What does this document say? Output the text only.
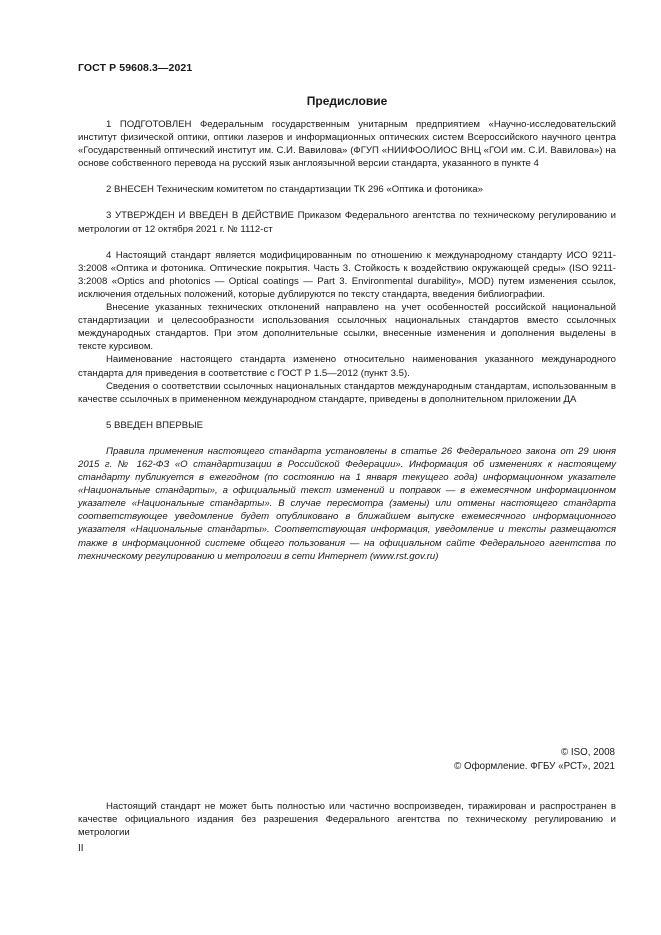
ГОСТ Р 59608.3—2021
Предисловие

1 ПОДГОТОВЛЕН Федеральным государственным унитарным предприятием «Научно-исследовательский институт физической оптики, оптики лазеров и информационных оптических систем Всероссийского научного центра «Государственный оптический институт им. С.И. Вавилова» (ФГУП «НИИФООЛИОС ВНЦ «ГОИ им. С.И. Вавилова») на основе собственного перевода на русский язык англоязычной версии стандарта, указанного в пункте 4

2 ВНЕСЕН Техническим комитетом по стандартизации ТК 296 «Оптика и фотоника»

3 УТВЕРЖДЕН И ВВЕДЕН В ДЕЙСТВИЕ Приказом Федерального агентства по техническому регулированию и метрологии от 12 октября 2021 г. № 1112-ст

4 Настоящий стандарт является модифицированным по отношению к международному стандарту ИСО 9211-3:2008 «Оптика и фотоника. Оптические покрытия. Часть 3. Стойкость к воздействию окружающей среды» (ISO 9211-3:2008 «Optics and photonics — Optical coatings — Part 3. Environmental durability», MOD) путем изменения ссылок, исключения отдельных положений, которые дублируются по тексту стандарта, введения библиографии.

Внесение указанных технических отклонений направлено на учет особенностей российской национальной стандартизации и целесообразности использования ссылочных национальных стандартов вместо ссылочных международных стандартов. При этом дополнительные ссылки, внесенные изменения и дополнения выделены в тексте курсивом.

Наименование настоящего стандарта изменено относительно наименования указанного международного стандарта для приведения в соответствие с ГОСТ Р 1.5—2012 (пункт 3.5).

Сведения о соответствии ссылочных национальных стандартов международным стандартам, использованным в качестве ссылочных в примененном международном стандарте, приведены в дополнительном приложении ДА

5 ВВЕДЕН ВПЕРВЫЕ

Правила применения настоящего стандарта установлены в статье 26 Федерального закона от 29 июня 2015 г. № 162-ФЗ «О стандартизации в Российской Федерации». Информация об изменениях к настоящему стандарту публикуется в ежегодном (по состоянию на 1 января текущего года) информационном указателе «Национальные стандарты», а официальный текст изменений и поправок — в ежемесячном информационном указателе «Национальные стандарты». В случае пересмотра (замены) или отмены настоящего стандарта соответствующее уведомление будет опубликовано в ближайшем выпуске ежемесячного информационного указателя «Национальные стандарты». Соответствующая информация, уведомление и тексты размещаются также в информационной системе общего пользования — на официальном сайте Федерального агентства по техническому регулированию и метрологии в сети Интернет (www.rst.gov.ru)

© ISO, 2008
© Оформление. ФГБУ «РСТ», 2021
Настоящий стандарт не может быть полностью или частично воспроизведен, тиражирован и распространен в качестве официального издания без разрешения Федерального агентства по техническому регулированию и метрологии
II
